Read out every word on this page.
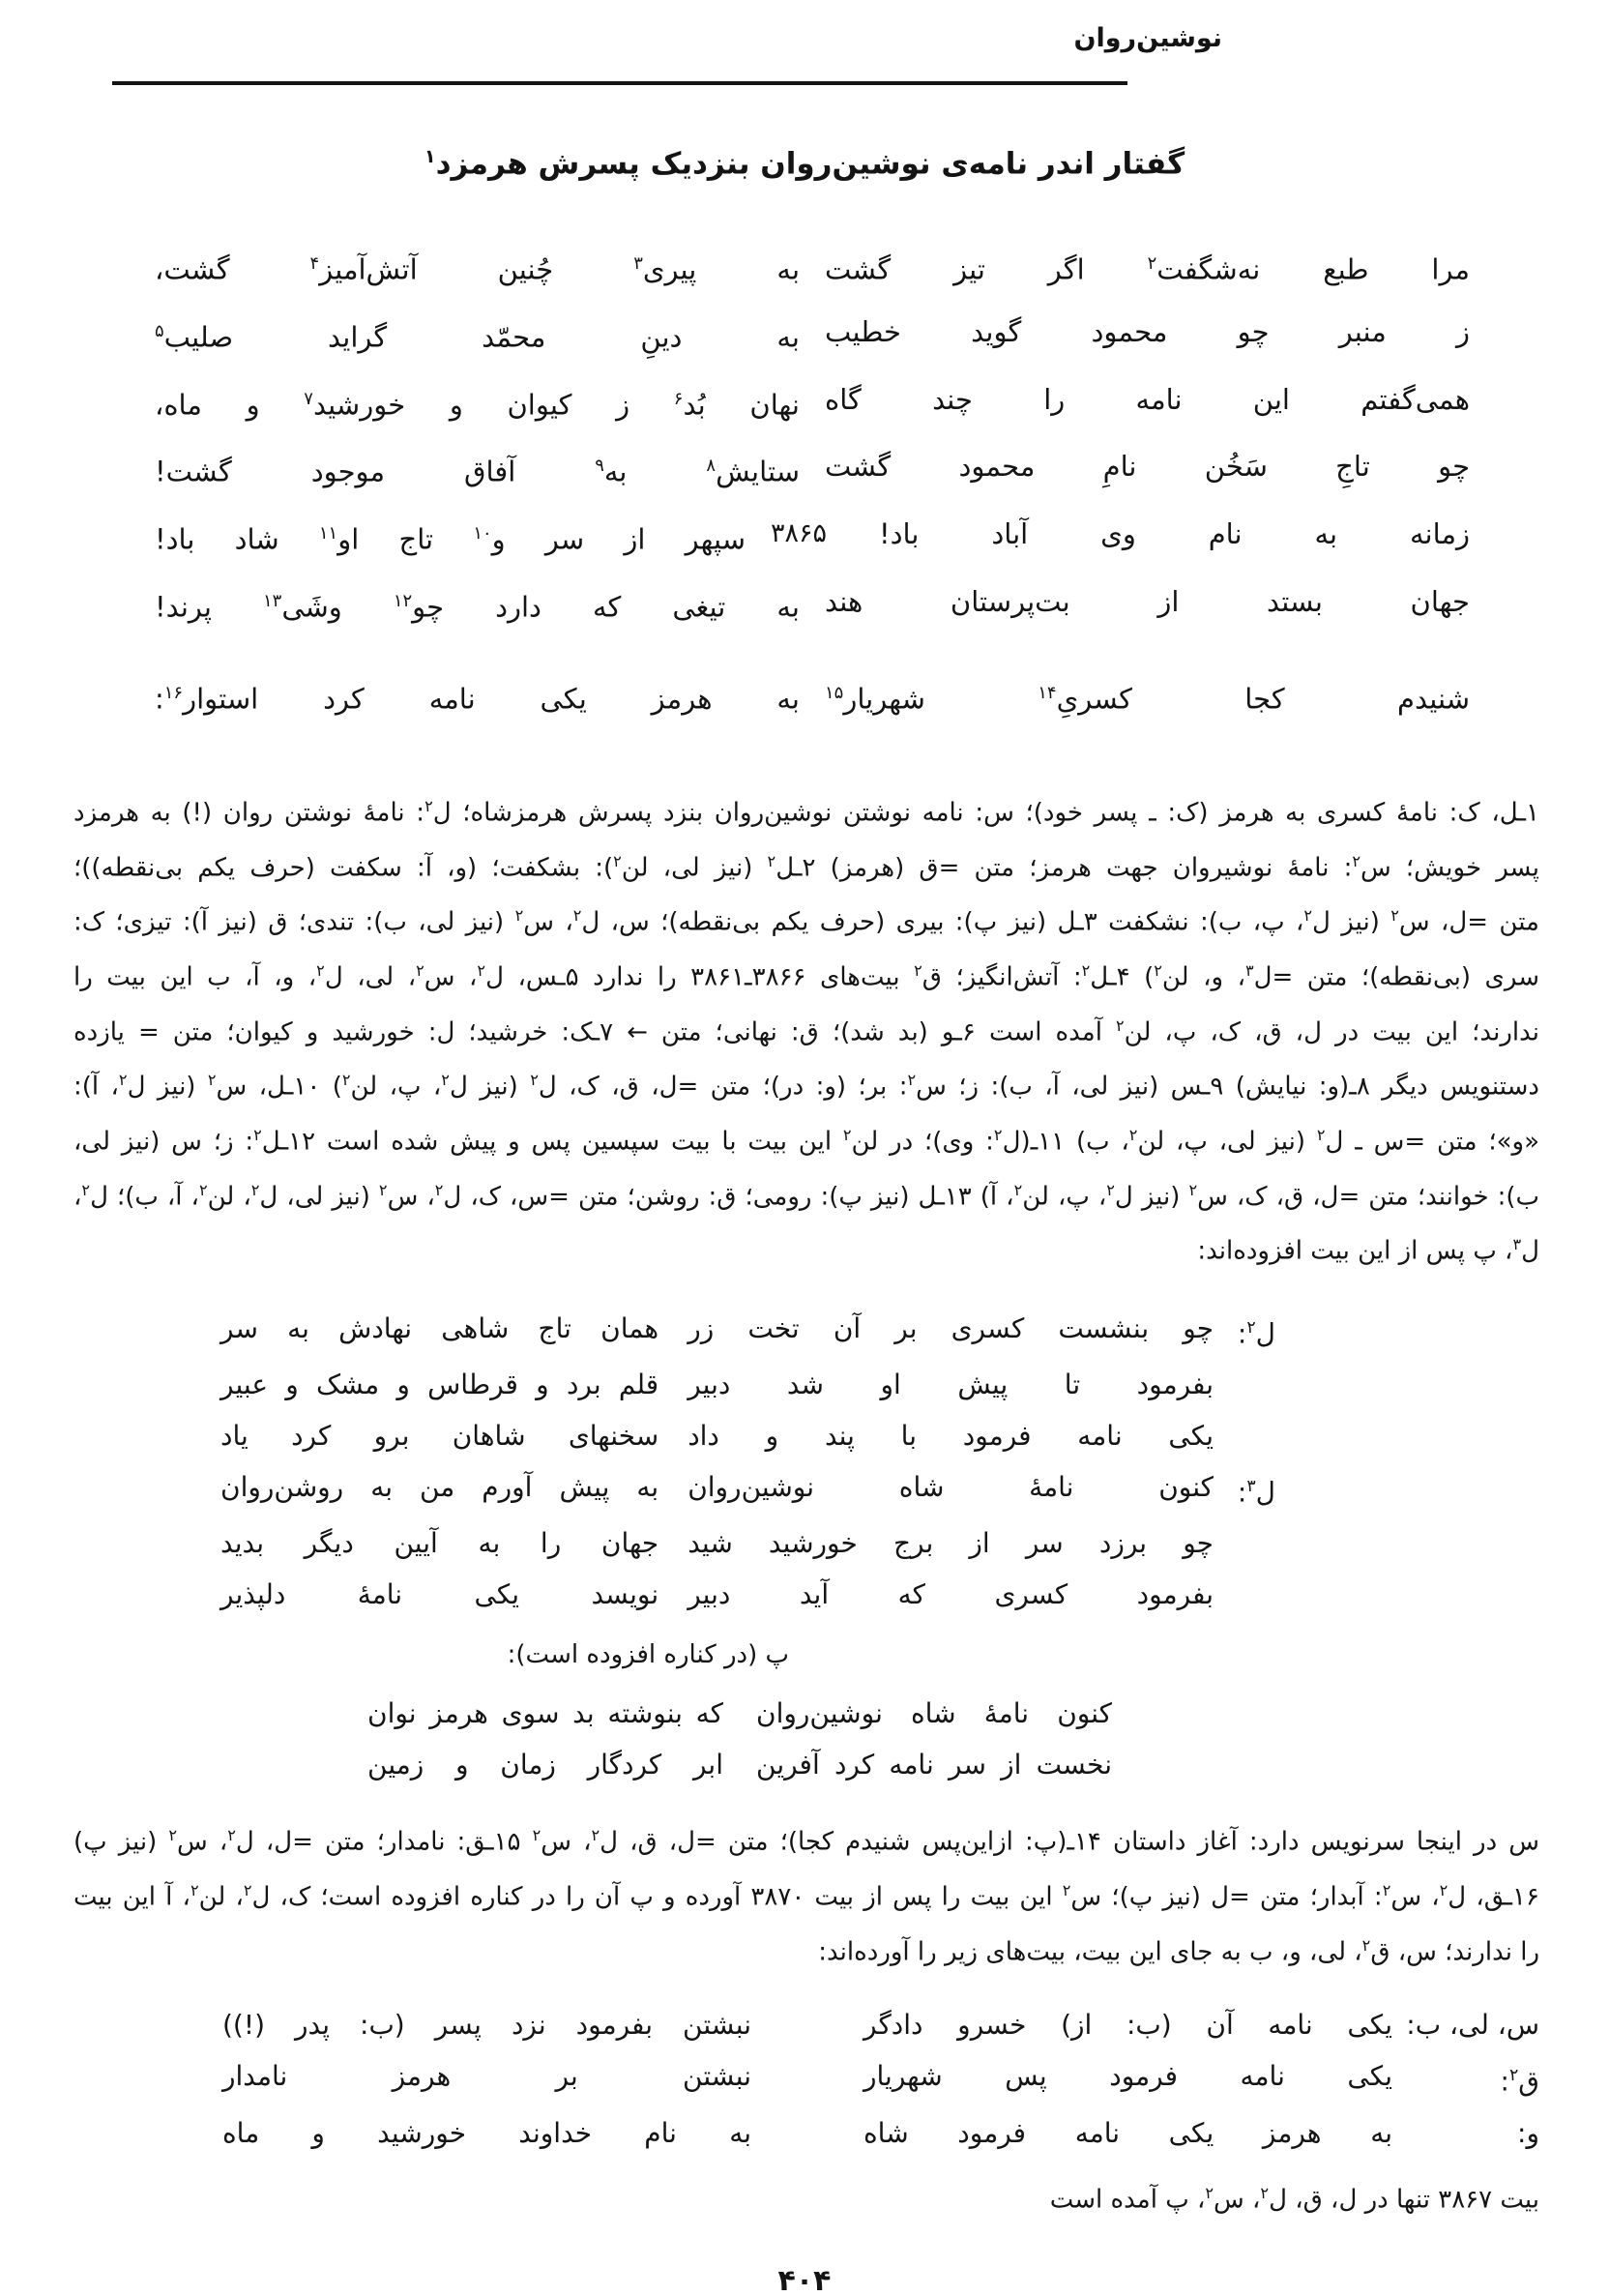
نوشین‌روان
گفتار اندر نامه‌ی نوشین‌روان بنزدیک پسرش هرمزد$^۱$
مرا طبع نه‌شگفت$^۲$ اگر تیز گشت
به پیری$^۳$ چُنین آتش‌آمیز$^۴$ گشت،
ز منبر چو محمود گوید خطیب
به دینِ محمّد گراید صلیب$^۵$
همی‌گفتم این نامه را چند گاه
نهان بُد$^۶$ ز کیوان و خورشید$^۷$ و ماه،
چو تاجِ سَخُن نامِ محمود گشت
ستایش$^۸$ به$^۹$ آفاق موجود گشت!
۳۸۶۵ زمانه به نام وی آباد باد!
سپهر از سر و$^{۱۰}$ تاج او$^{۱۱}$ شاد باد!
جهان بستد از بت‌پرستان هند
به تیغی که دارد چو$^{۱۲}$ وشَی$^{۱۳}$ پرند!
شنیدم کجا کسریِ$^{۱۴}$ شهریار$^{۱۵}$
به هرمز یکی نامه کرد استوار$^{۱۶}$:
۱ـل، ک: نامهٔ کسری به هرمز (ک: ـ پسر خود)؛ س: نامه نوشتن نوشین‌روان بنزد پسرش هرمزشاه؛ ل$^۲$: نامهٔ نوشتن روان (!) به هرمزد
پسر خویش؛ س$^۲$: نامهٔ نوشیروان جهت هرمز؛ متن =ق (هرمز) ۲ـل$^۲$ (نیز لی، لن$^۲$): بشکفت؛ (و، آ: سکفت (حرف یکم بی‌نقطه))؛
متن =ل، س$^۲$ (نیز ل$^۲$، پ، ب): نشکفت ۳ـل (نیز پ): بیری (حرف یکم بی‌نقطه)؛ س، ل$^۲$، س$^۲$ (نیز لی، ب): تندی؛ ق (نیز آ): تیزی؛ ک:
سری (بی‌نقطه)؛ متن =ل$^۳$، و، لن$^۲$) ۴ـل$^۲$: آتش‌انگیز؛ ق$^۲$ بیت‌های ۳۸۶۶ـ۳۸۶۱ را ندارد ۵ـس، ل$^۲$، س$^۲$، لی، ل$^۲$، و، آ، ب این بیت را
ندارند؛ این بیت در ل، ق، ک، پ، لن$^۲$ آمده است ۶ـو (بد شد)؛ ق: نهانی؛ متن ← ۷ـک: خرشید؛ ل: خورشید و کیوان؛ متن = یازده
دستنویس دیگر ۸ـ(و: نیایش) ۹ـس (نیز لی، آ، ب): ز؛ س$^۲$: بر؛ (و: در)؛ متن =ل، ق، ک، ل$^۲$ (نیز ل$^۲$، پ، لن$^۲$) ۱۰ـل، س$^۲$ (نیز ل$^۲$، آ):
«و»؛ متن =س ـ ل$^۲$ (نیز لی، پ، لن$^۲$، ب) ۱۱ـ(ل$^۲$: وی)؛ در لن$^۲$ این بیت با بیت سپسین پس و پیش شده است ۱۲ـل$^۲$: ز؛ س (نیز لی،
ب): خوانند؛ متن =ل، ق، ک، س$^۲$ (نیز ل$^۲$، پ، لن$^۲$، آ) ۱۳ـل (نیز پ): رومی؛ ق: روشن؛ متن =س، ک، ل$^۲$، س$^۲$ (نیز لی، ل$^۲$، لن$^۲$، آ، ب)؛ ل$^۲$،
ل$^۳$، پ پس از این بیت افزوده‌اند:
ل$^۲$:
چو بنشست کسری بر آن تخت زر
همان تاج شاهی نهادش به سر
بفرمود تا پیش او شد دبیر
قلم برد و قرطاس و مشک و عبیر
یکی نامه فرمود با پند و داد
سخنهای شاهان برو کرد یاد
ل$^۳$:
کنون نامهٔ شاه نوشین‌روان
به پیش آورم من به روشن‌روان
چو برزد سر از برج خورشید شید
جهان را به آیین دیگر بدید
بفرمود کسری که آید دبیر
نویسد یکی نامهٔ دلپذیر
پ (در کناره افزوده است):
کنون نامهٔ شاه نوشین‌روان
که بنوشته بد سوی هرمز نوان
نخست از سر نامه کرد آفرین
ابر کردگار زمان و زمین
س در اینجا سرنویس دارد: آغاز داستان ۱۴ـ(پ: ازاین‌پس شنیدم کجا)؛ متن =ل، ق، ل$^۲$، س$^۲$ ۱۵ـق: نامدار؛ متن =ل، ل$^۲$، س$^۲$ (نیز پ)
۱۶ـق، ل$^۲$، س$^۲$: آبدار؛ متن =ل (نیز پ)؛ س$^۲$ این بیت را پس از بیت ۳۸۷۰ آورده و پ آن را در کناره افزوده است؛ ک، ل$^۲$، لن$^۲$، آ این بیت
را ندارند؛ س، ق$^۲$، لی، و، ب به جای این بیت، بیت‌های زیر را آورده‌اند:
س، لی، ب:
یکی نامه آن (ب: از) خسرو دادگر
نبشتن بفرمود نزد پسر (ب: پدر (!))
ق$^۲$:
یکی نامه فرمود پس شهریار
نبشتن بر هرمز نامدار
و:
به هرمز یکی نامه فرمود شاه
به نام خداوند خورشید و ماه
بیت ۳۸۶۷ تنها در ل، ق، ل$^۲$، س$^۲$، پ آمده است
۴۰۴
